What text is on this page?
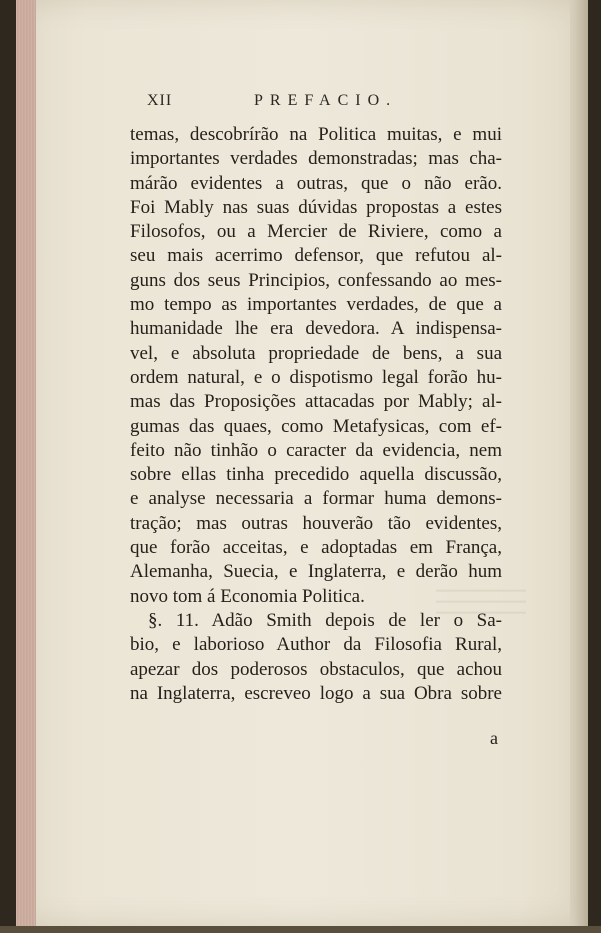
XII	PREFACIO.
temas, descobrírão na Politica muitas, e mui
importantes verdades demonstradas; mas cha-
márão evidentes a outras, que o não erão.
Foi Mably nas suas dúvidas propostas a estes
Filosofos, ou a Mercier de Riviere, como a
seu mais acerrimo defensor, que refutou al-
guns dos seus Principios, confessando ao mes-
mo tempo as importantes verdades, de que a
humanidade lhe era devedora. A indispensa-
vel, e absoluta propriedade de bens, a sua
ordem natural, e o dispotismo legal forão hu-
mas das Proposições attacadas por Mably; al-
gumas das quaes, como Metafysicas, com ef-
feito não tinhão o caracter da evidencia, nem
sobre ellas tinha precedido aquella discussão,
e analyse necessaria a formar huma demons-
tração; mas outras houverão tão evidentes,
que forão acceitas, e adoptadas em França,
Alemanha, Suecia, e Inglaterra, e derão hum
novo tom á Economia Politica.
§. 11. Adão Smith depois de ler o Sa-
bio, e laborioso Author da Filosofia Rural,
apezar dos poderosos obstaculos, que achou
na Inglaterra, escreveo logo a sua Obra sobre
a
